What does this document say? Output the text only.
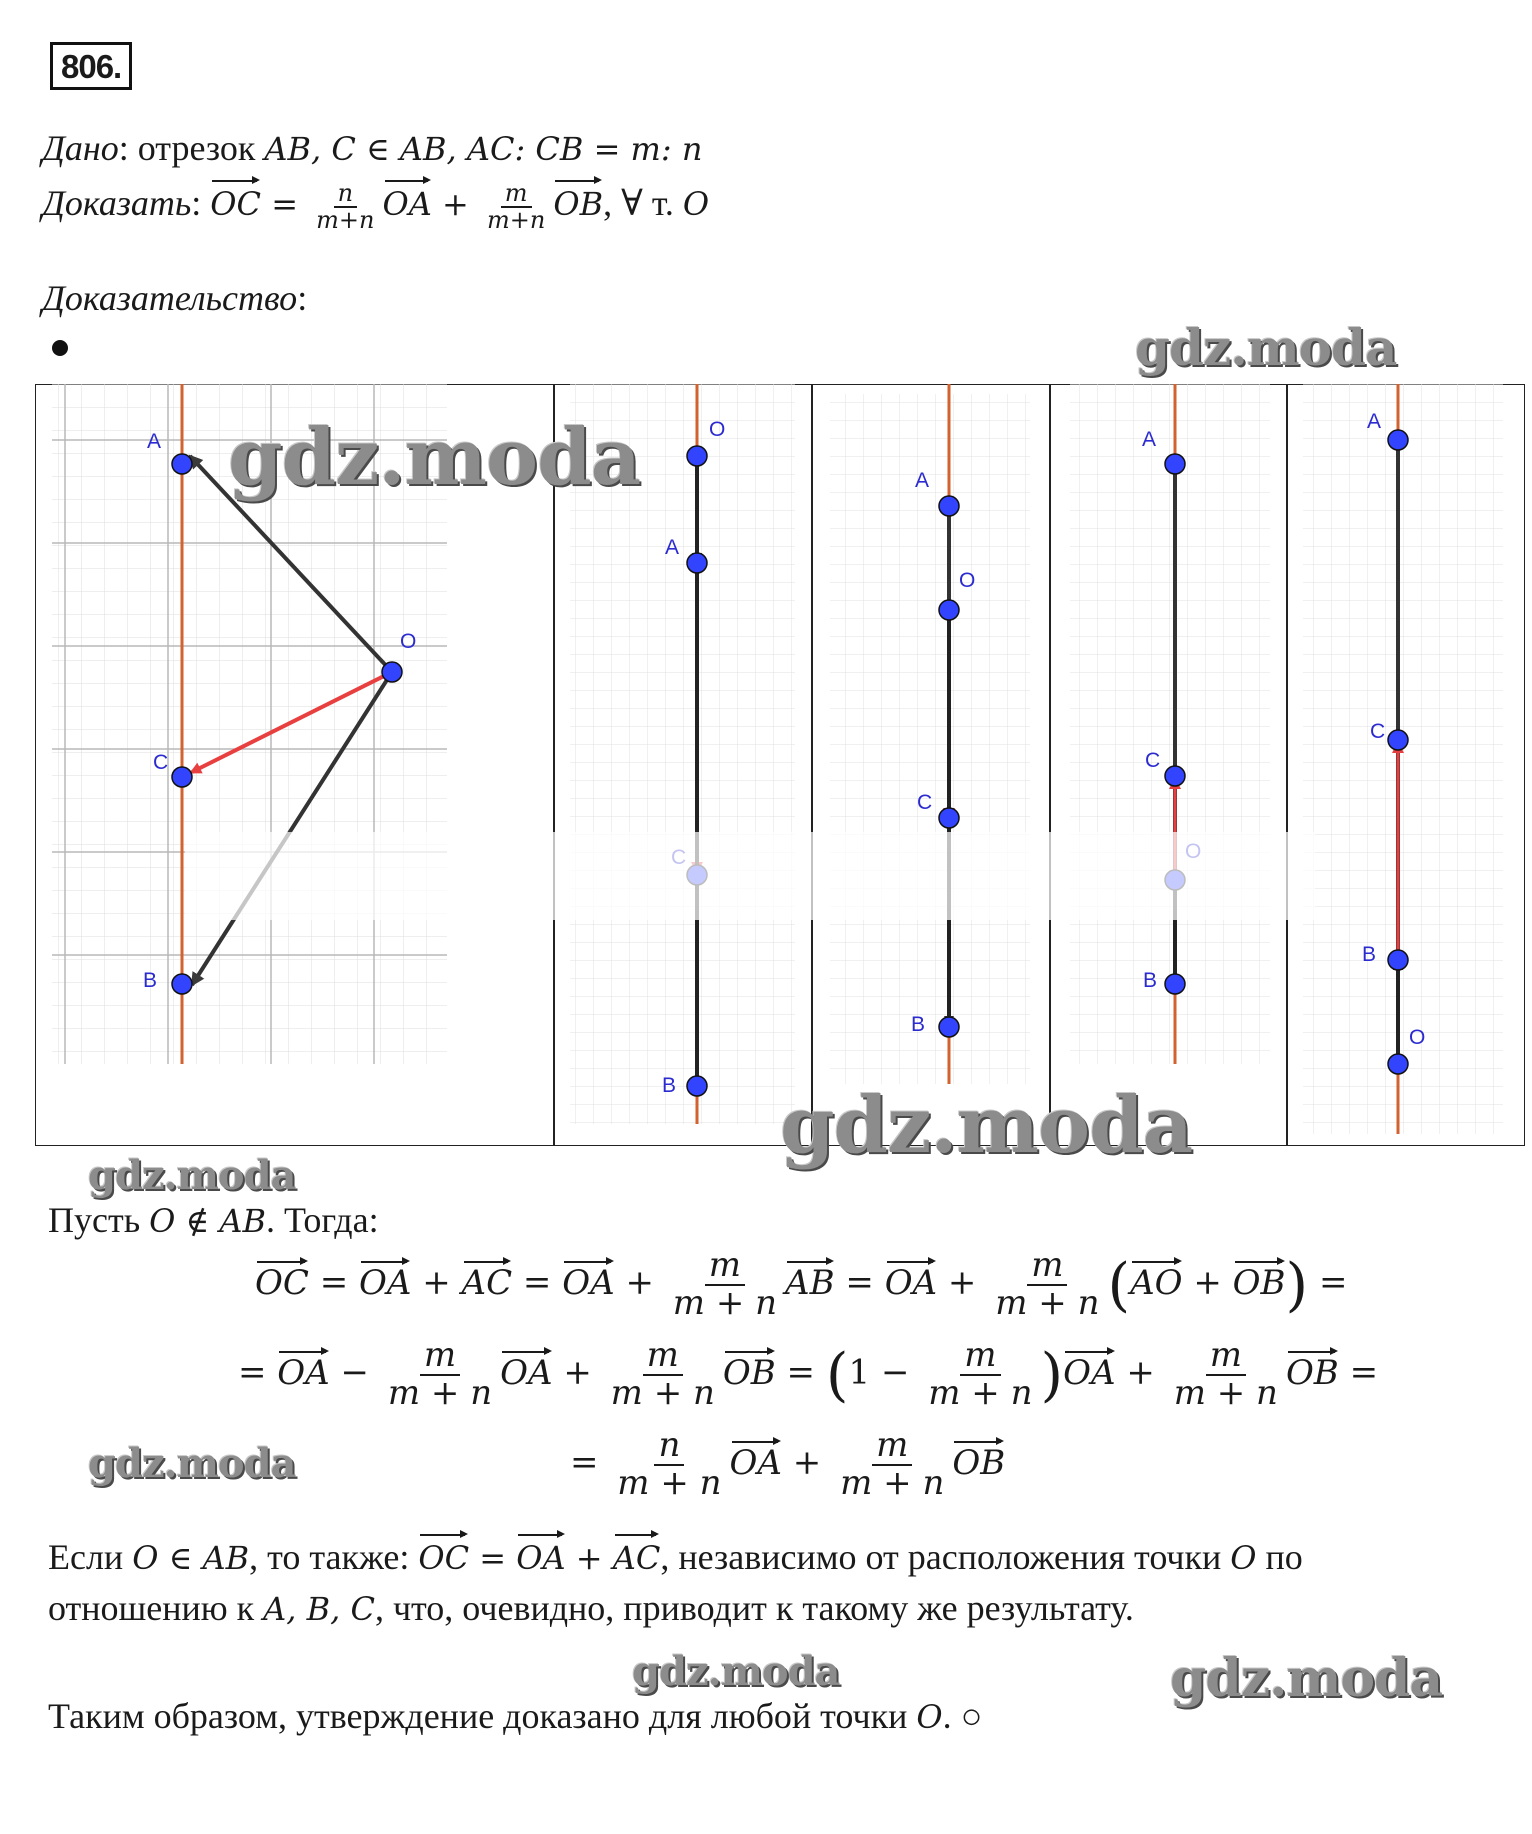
806.
Дано: отрезок AB, C ∈ AB, AC: CB = m: n
Доказать: OC = $\frac{n}{m+n}$ OA + $\frac{m}{m+n}$ OB, ∀ т. O
Доказательство:
A
O
C
B
O
A
B
A
O
C
B
A
C
B
A
C
B
O
gdz.moda
gdz.moda
gdz.moda
gdz.moda
gdz.moda
gdz.moda	gdz.moda
Пусть O ∉ AB. Тогда:
OC = OA + AC = OA + $\frac{m}{m + n}$ AB = OA + $\frac{m}{m + n} (AO + OB)$ =
= OA − $\frac{m}{m + n}$ OA + $\frac{m}{m + n}$ OB = $(1 - \frac{m}{m + n} )OA + \frac{m}{m + n}$ OB =
= $\frac{n}{m + n}$ OA + $\frac{m}{m + n}$ OB
Если O ∈ AB, то также: OC = OA + AC, независимо от расположения точки O по
отношению к A, B, C, что, очевидно, приводит к такому же результату.
Таким образом, утверждение доказано для любой точки O. ○
